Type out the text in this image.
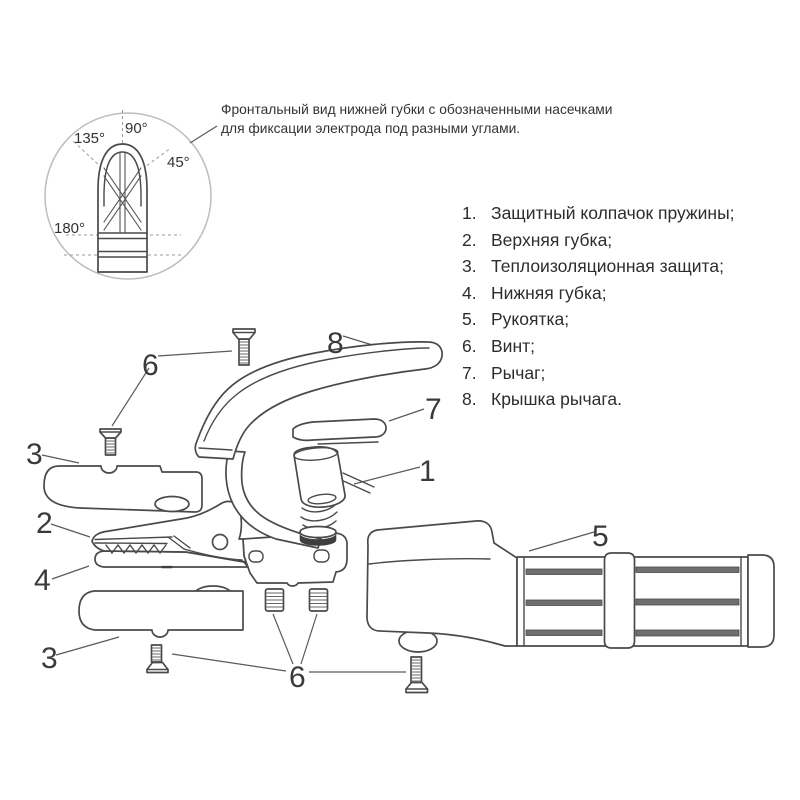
90°
135°
45°
180°
6
3
2
4
3
8
7
1
5
6
Фронтальный вид нижней губки с обозначенными насечками
для фиксации электрода под разными углами.
1. Защитный колпачок пружины;
2. Верхняя губка;
3. Теплоизоляционная защита;
4. Нижняя губка;
5. Рукоятка;
6. Винт;
7. Рычаг;
8. Крышка рычага.
